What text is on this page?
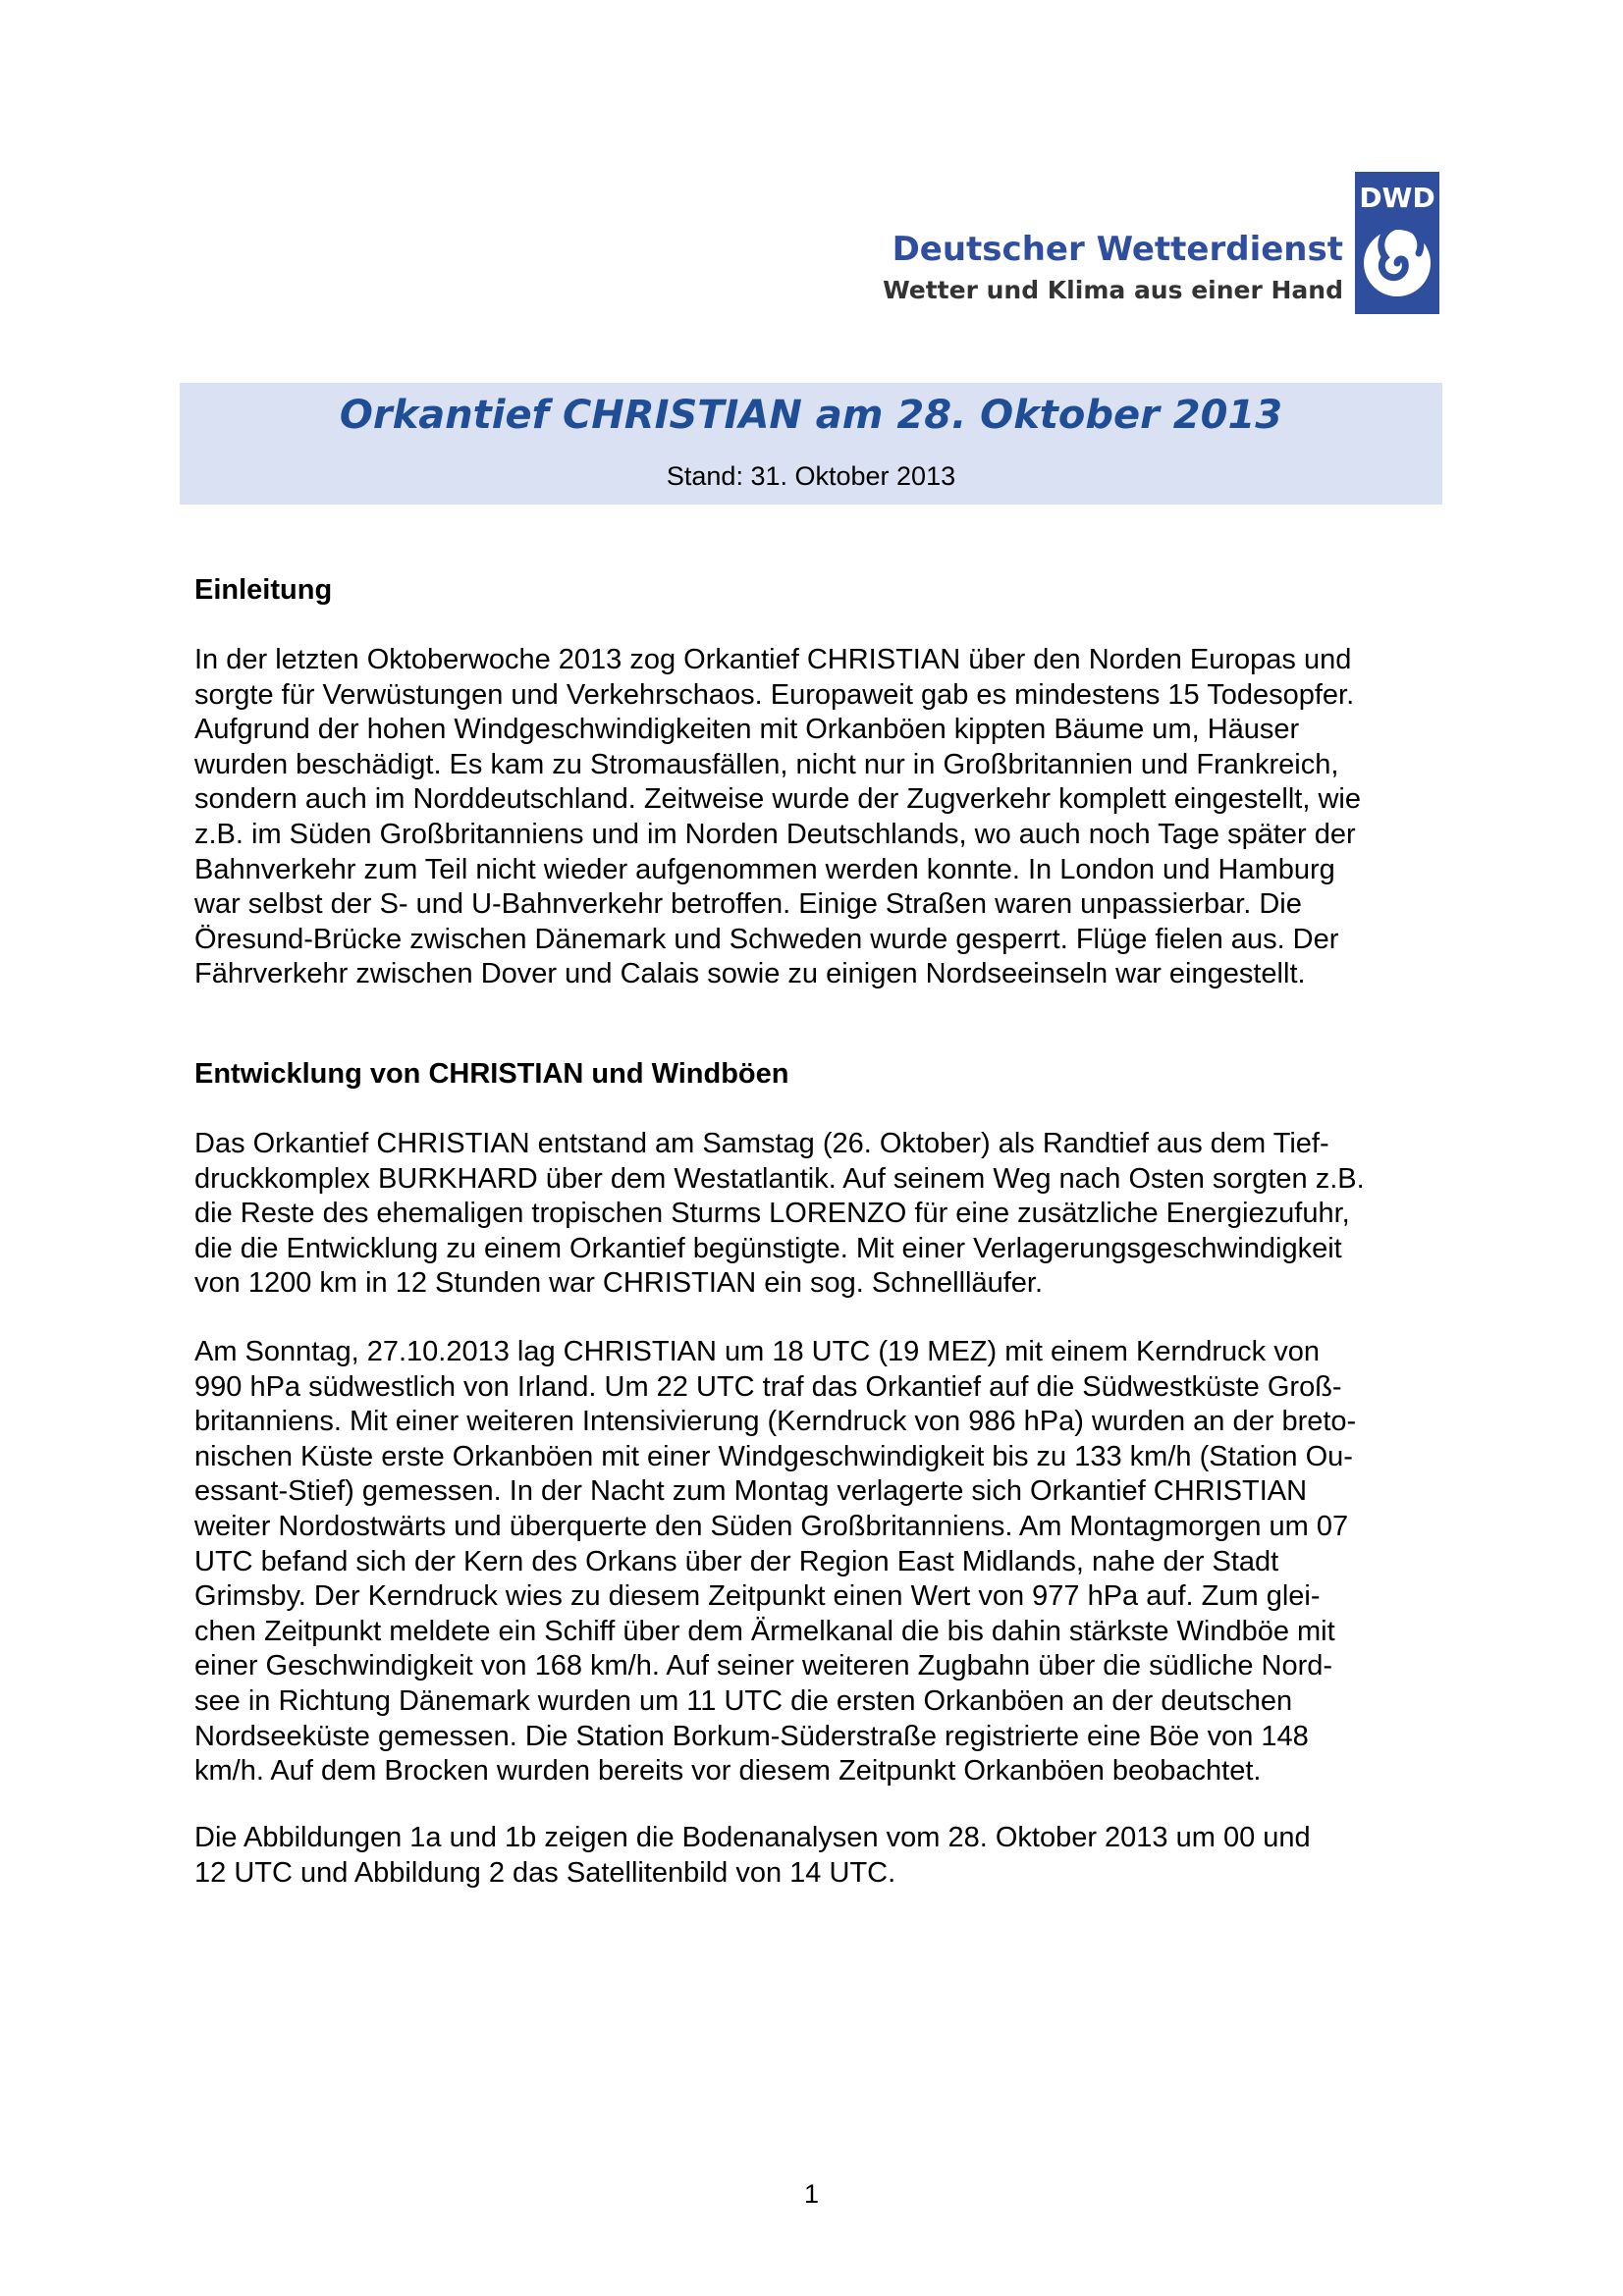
Deutscher Wetterdienst
Wetter und Klima aus einer Hand
DWD
Orkantief CHRISTIAN am 28. Oktober 2013
Stand: 31. Oktober 2013
Einleitung
In der letzten Oktoberwoche 2013 zog Orkantief CHRISTIAN über den Norden Europas und
sorgte für Verwüstungen und Verkehrschaos. Europaweit gab es mindestens 15 Todesopfer.
Aufgrund der hohen Windgeschwindigkeiten mit Orkanböen kippten Bäume um, Häuser
wurden beschädigt. Es kam zu Stromausfällen, nicht nur in Großbritannien und Frankreich,
sondern auch im Norddeutschland. Zeitweise wurde der Zugverkehr komplett eingestellt, wie
z.B. im Süden Großbritanniens und im Norden Deutschlands, wo auch noch Tage später der
Bahnverkehr zum Teil nicht wieder aufgenommen werden konnte. In London und Hamburg
war selbst der S- und U-Bahnverkehr betroffen. Einige Straßen waren unpassierbar. Die
Öresund-Brücke zwischen Dänemark und Schweden wurde gesperrt. Flüge fielen aus. Der
Fährverkehr zwischen Dover und Calais sowie zu einigen Nordseeinseln war eingestellt.
Entwicklung von CHRISTIAN und Windböen
Das Orkantief CHRISTIAN entstand am Samstag (26. Oktober) als Randtief aus dem Tief-
druckkomplex BURKHARD über dem Westatlantik. Auf seinem Weg nach Osten sorgten z.B.
die Reste des ehemaligen tropischen Sturms LORENZO für eine zusätzliche Energiezufuhr,
die die Entwicklung zu einem Orkantief begünstigte. Mit einer Verlagerungsgeschwindigkeit
von 1200 km in 12 Stunden war CHRISTIAN ein sog. Schnellläufer.
Am Sonntag, 27.10.2013 lag CHRISTIAN um 18 UTC (19 MEZ) mit einem Kerndruck von
990 hPa südwestlich von Irland. Um 22 UTC traf das Orkantief auf die Südwestküste Groß-
britanniens. Mit einer weiteren Intensivierung (Kerndruck von 986 hPa) wurden an der breto-
nischen Küste erste Orkanböen mit einer Windgeschwindigkeit bis zu 133 km/h (Station Ou-
essant-Stief) gemessen. In der Nacht zum Montag verlagerte sich Orkantief CHRISTIAN
weiter Nordostwärts und überquerte den Süden Großbritanniens. Am Montagmorgen um 07
UTC befand sich der Kern des Orkans über der Region East Midlands, nahe der Stadt
Grimsby. Der Kerndruck wies zu diesem Zeitpunkt einen Wert von 977 hPa auf. Zum glei-
chen Zeitpunkt meldete ein Schiff über dem Ärmelkanal die bis dahin stärkste Windböe mit
einer Geschwindigkeit von 168 km/h. Auf seiner weiteren Zugbahn über die südliche Nord-
see in Richtung Dänemark wurden um 11 UTC die ersten Orkanböen an der deutschen
Nordseeküste gemessen. Die Station Borkum-Süderstraße registrierte eine Böe von 148
km/h. Auf dem Brocken wurden bereits vor diesem Zeitpunkt Orkanböen beobachtet.
Die Abbildungen 1a und 1b zeigen die Bodenanalysen vom 28. Oktober 2013 um 00 und
12 UTC und Abbildung 2 das Satellitenbild von 14 UTC.
1
